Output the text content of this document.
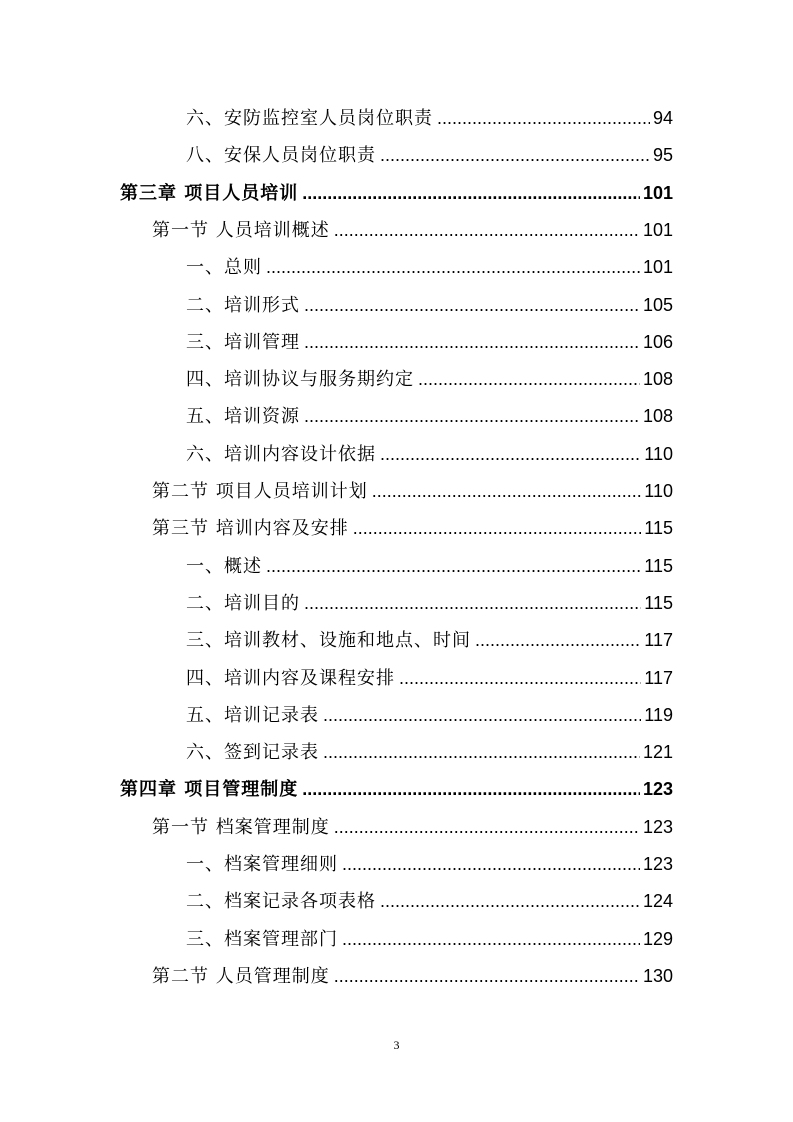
六、安防监控室人员岗位职责 .....	94
八、安保人员岗位职责 .....	95
第三章 项目人员培训 .....	101
第一节 人员培训概述 .....	101
一、总则 .....	101
二、培训形式 .....	105
三、培训管理 .....	106
四、培训协议与服务期约定 .....	108
五、培训资源 .....	108
六、培训内容设计依据 .....	110
第二节 项目人员培训计划 .....	110
第三节 培训内容及安排 .....	115
一、概述 .....	115
二、培训目的 .....	115
三、培训教材、设施和地点、时间 .....	117
四、培训内容及课程安排 .....	117
五、培训记录表 .....	119
六、签到记录表 .....	121
第四章 项目管理制度 .....	123
第一节 档案管理制度 .....	123
一、档案管理细则 .....	123
二、档案记录各项表格 .....	124
三、档案管理部门 .....	129
第二节 人员管理制度 .....	130
3
